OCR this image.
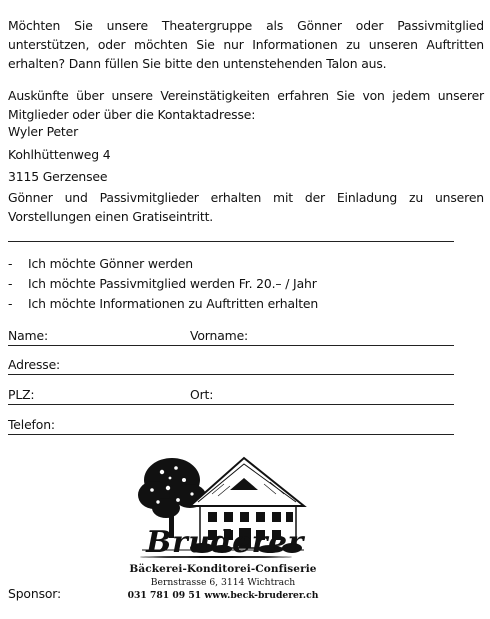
Möchten Sie unsere Theatergruppe als Gönner oder Passivmitglied unterstützen, oder möchten Sie nur Informationen zu unseren Auftritten erhalten? Dann füllen Sie bitte den untenstehenden Talon aus.

Auskünfte über unsere Vereinstätigkeiten erfahren Sie von jedem unserer Mitglieder oder über die Kontaktadresse:

Wyler Peter
Kohlhüttenweg 4
3115 Gerzensee

Gönner und Passivmitglieder erhalten mit der Einladung zu unseren Vorstellungen einen Gratiseintritt.

- Ich möchte Gönner werden
- Ich möchte Passivmitglied werden Fr. 20.– / Jahr
- Ich möchte Informationen zu Auftritten erhalten
Name:	Vorname:
Adresse:
PLZ:	Ort:
Telefon:
Bruderer
Bäckerei-Konditorei-Confiserie
Bernstrasse 6, 3114 Wichtrach
031 781 09 51 www.beck-bruderer.ch
Sponsor:
